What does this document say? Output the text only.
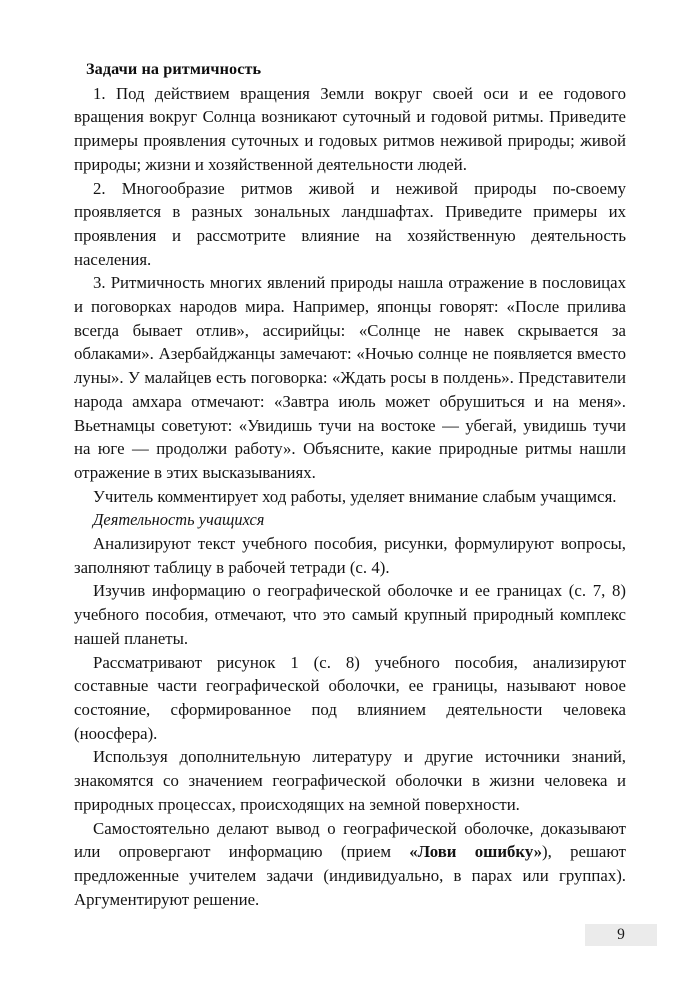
Задачи на ритмичность

1. Под действием вращения Земли вокруг своей оси и ее годового вращения вокруг Солнца возникают суточный и годовой ритмы. Приведите примеры проявления суточных и годовых ритмов неживой природы; живой природы; жизни и хозяйственной деятельности людей.

2. Многообразие ритмов живой и неживой природы по-своему проявляется в разных зональных ландшафтах. Приведите примеры их проявления и рассмотрите влияние на хозяйственную деятельность населения.

3. Ритмичность многих явлений природы нашла отражение в пословицах и поговорках народов мира. Например, японцы говорят: «После прилива всегда бывает отлив», ассирийцы: «Солнце не навек скрывается за облаками». Азербайджанцы замечают: «Ночью солнце не появляется вместо луны». У малайцев есть поговорка: «Ждать росы в полдень». Представители народа амхара отмечают: «Завтра июль может обрушиться и на меня». Вьетнамцы советуют: «Увидишь тучи на востоке — убегай, увидишь тучи на юге — продолжи работу». Объясните, какие природные ритмы нашли отражение в этих высказываниях.

Учитель комментирует ход работы, уделяет внимание слабым учащимся.

Деятельность учащихся

Анализируют текст учебного пособия, рисунки, формулируют вопросы, заполняют таблицу в рабочей тетради (с. 4).

Изучив информацию о географической оболочке и ее границах (с. 7, 8) учебного пособия, отмечают, что это самый крупный природный комплекс нашей планеты.

Рассматривают рисунок 1 (с. 8) учебного пособия, анализируют составные части географической оболочки, ее границы, называют новое состояние, сформированное под влиянием деятельности человека (ноосфера).

Используя дополнительную литературу и другие источники знаний, знакомятся со значением географической оболочки в жизни человека и природных процессах, происходящих на земной поверхности.

Самостоятельно делают вывод о географической оболочке, доказывают или опровергают информацию (прием «Лови ошибку»), решают предложенные учителем задачи (индивидуально, в парах или группах). Аргументируют решение.

9
